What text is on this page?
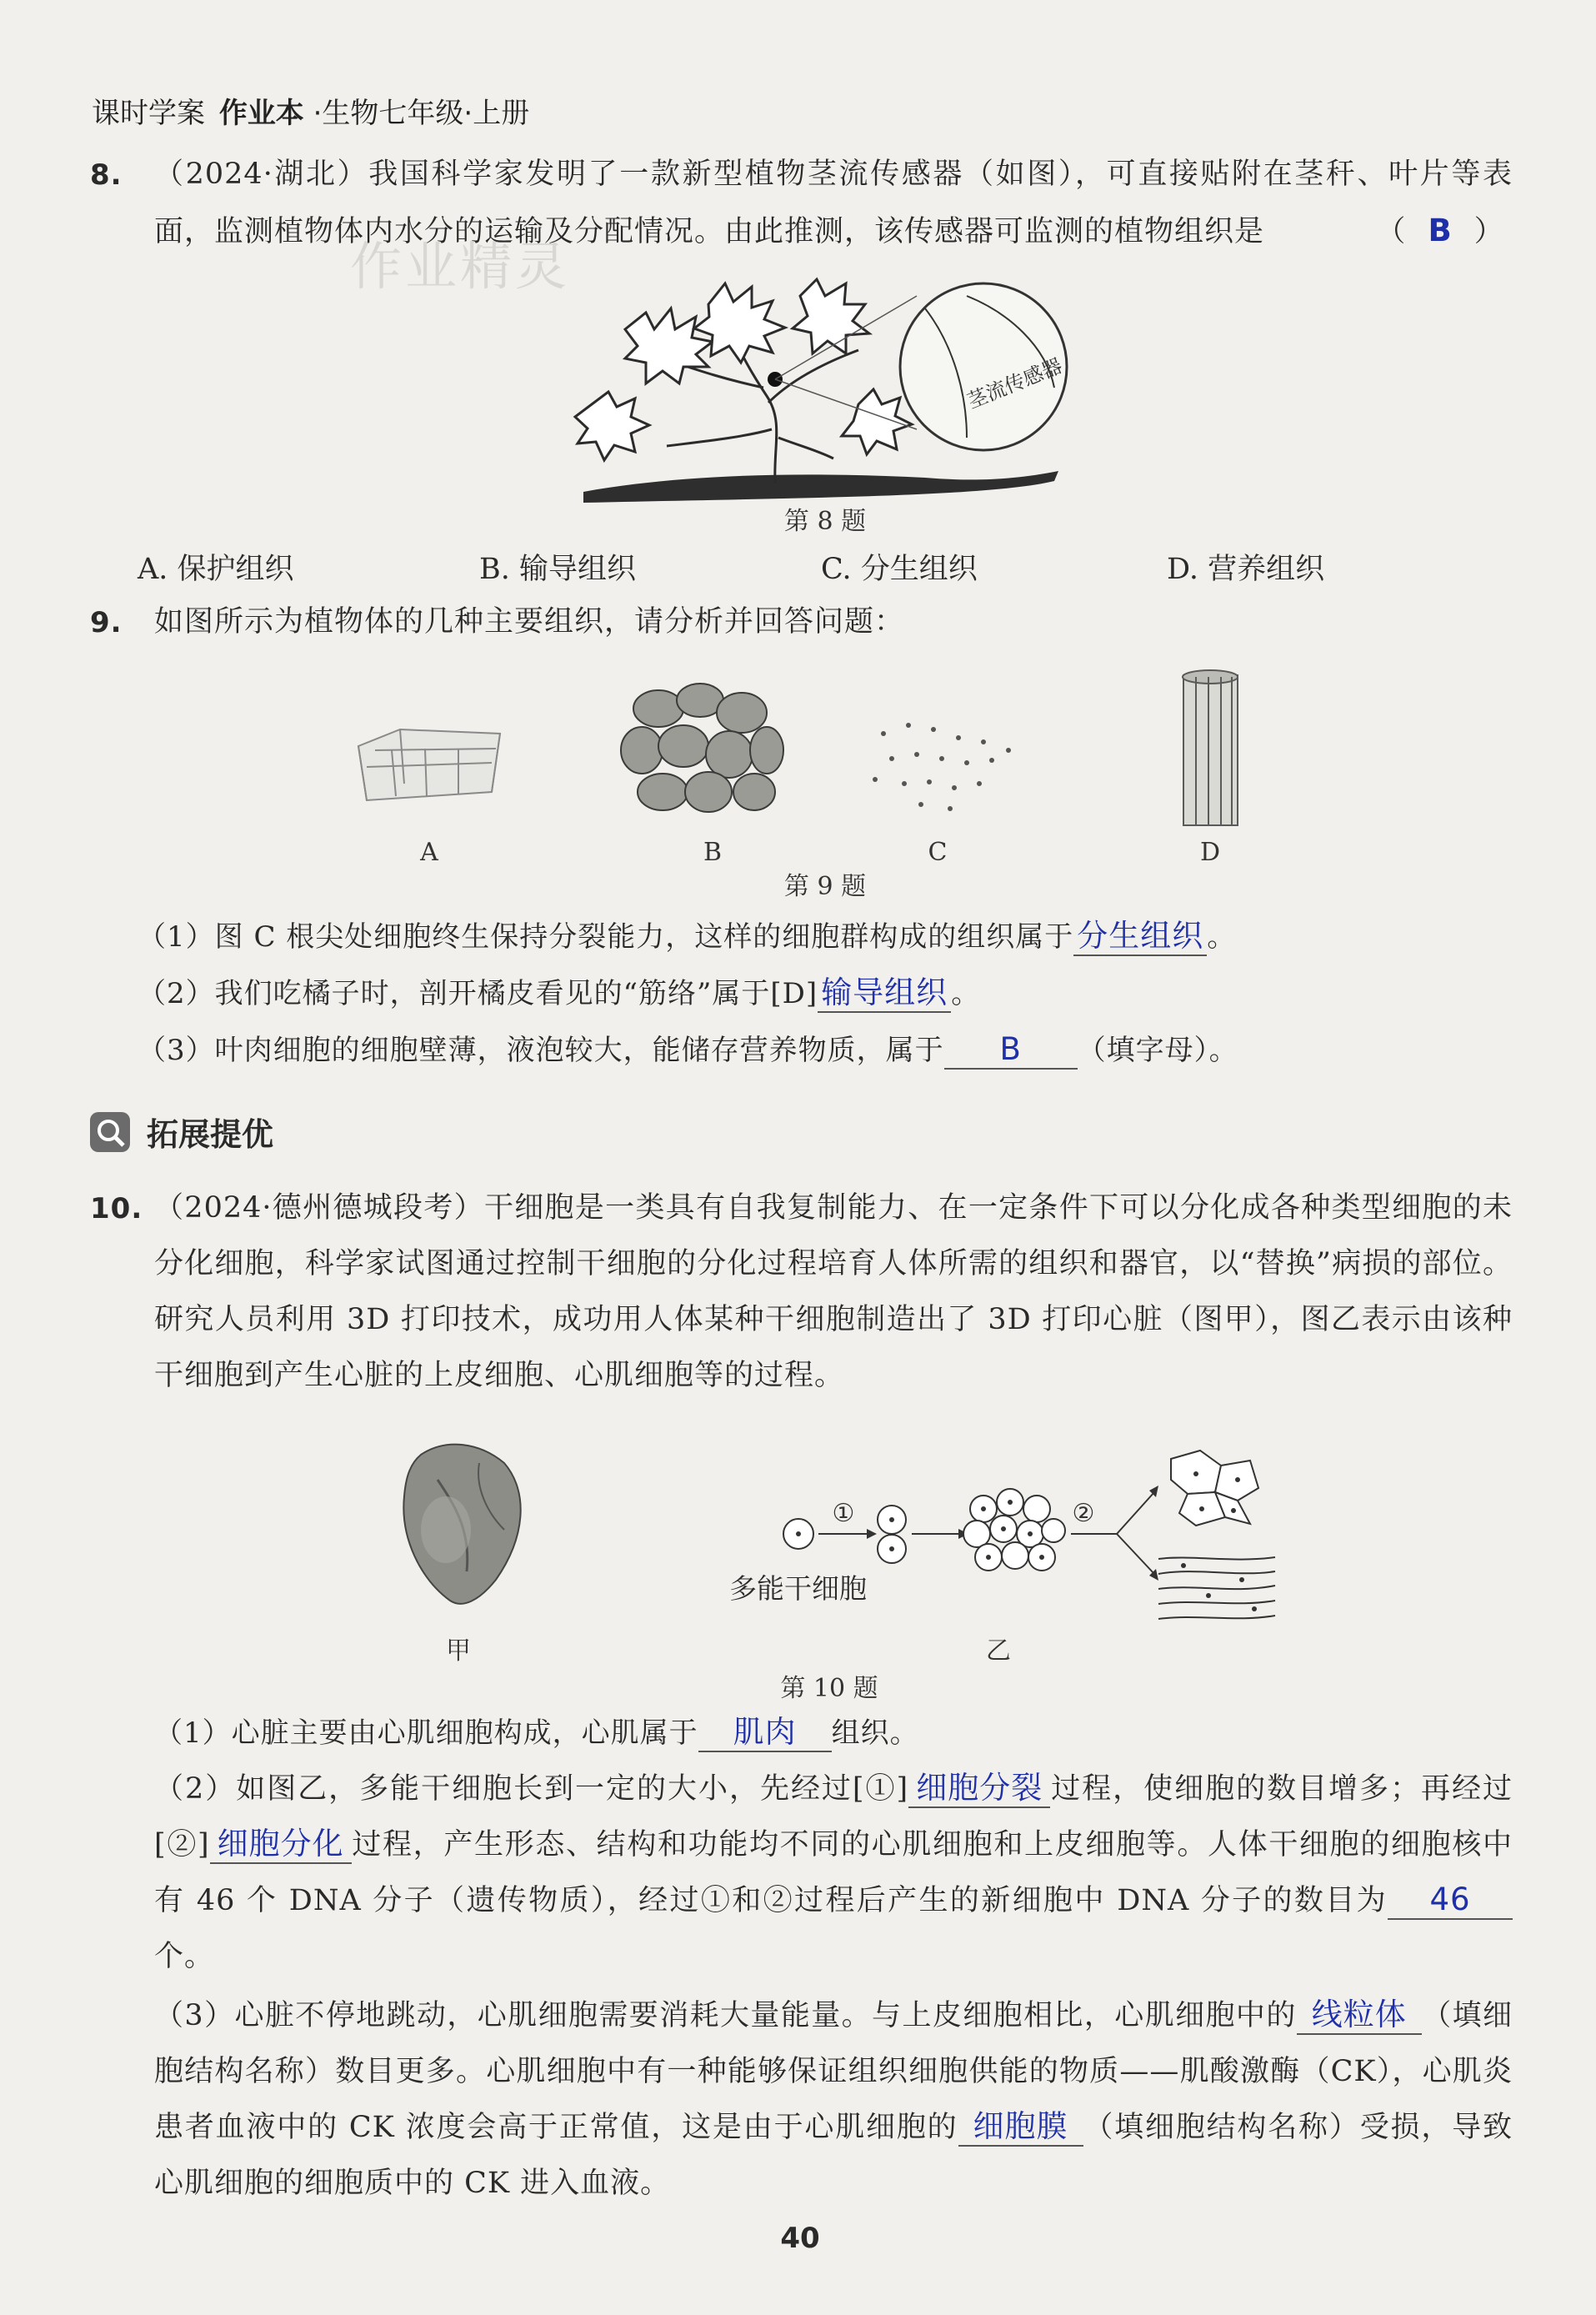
课时学案 作业本 ·生物七年级·上册
8. （2024·湖北）我国科学家发明了一款新型植物茎流传感器（如图），可直接贴附在茎秆、叶片等表面，监测植物体内水分的运输及分配情况。由此推测，该传感器可监测的植物组织是	（ B ）
作业精灵
茎流传感器
第 8 题
A. 保护组织	B. 输导组织	C. 分生组织	D. 营养组织
9. 如图所示为植物体的几种主要组织，请分析并回答问题：
A	B	C	D
第 9 题
（1）图 C 根尖处细胞终生保持分裂能力，这样的细胞群构成的组织属于 分生组织 。
（2）我们吃橘子时，剖开橘皮看见的“筋络”属于[D] 输导组织 。
（3）叶肉细胞的细胞壁薄，液泡较大，能储存营养物质，属于 B （填字母）。
拓展提优
10. （2024·德州德城段考）干细胞是一类具有自我复制能力、在一定条件下可以分化成各种类型细胞的未分化细胞，科学家试图通过控制干细胞的分化过程培育人体所需的组织和器官，以“替换”病损的部位。研究人员利用 3D 打印技术，成功用人体某种干细胞制造出了 3D 打印心脏（图甲），图乙表示由该种干细胞到产生心脏的上皮细胞、心肌细胞等的过程。
甲
①	②
多能干细胞
乙
第 10 题
（1）心脏主要由心肌细胞构成，心肌属于 肌肉 组织。
（2）如图乙，多能干细胞长到一定的大小，先经过[①] 细胞分裂 过程，使细胞的数目增多；再经过[②] 细胞分化 过程，产生形态、结构和功能均不同的心肌细胞和上皮细胞等。人体干细胞的细胞核中有 46 个 DNA 分子（遗传物质），经过①和②过程后产生的新细胞中 DNA 分子的数目为 46个。
（3）心脏不停地跳动，心肌细胞需要消耗大量能量。与上皮细胞相比，心肌细胞中的 线粒体 （填细胞结构名称）数目更多。心肌细胞中有一种能够保证组织细胞供能的物质——肌酸激酶（CK），心肌炎患者血液中的 CK 浓度会高于正常值，这是由于心肌细胞的 细胞膜 （填细胞结构名称）受损，导致心肌细胞的细胞质中的 CK 进入血液。
40
